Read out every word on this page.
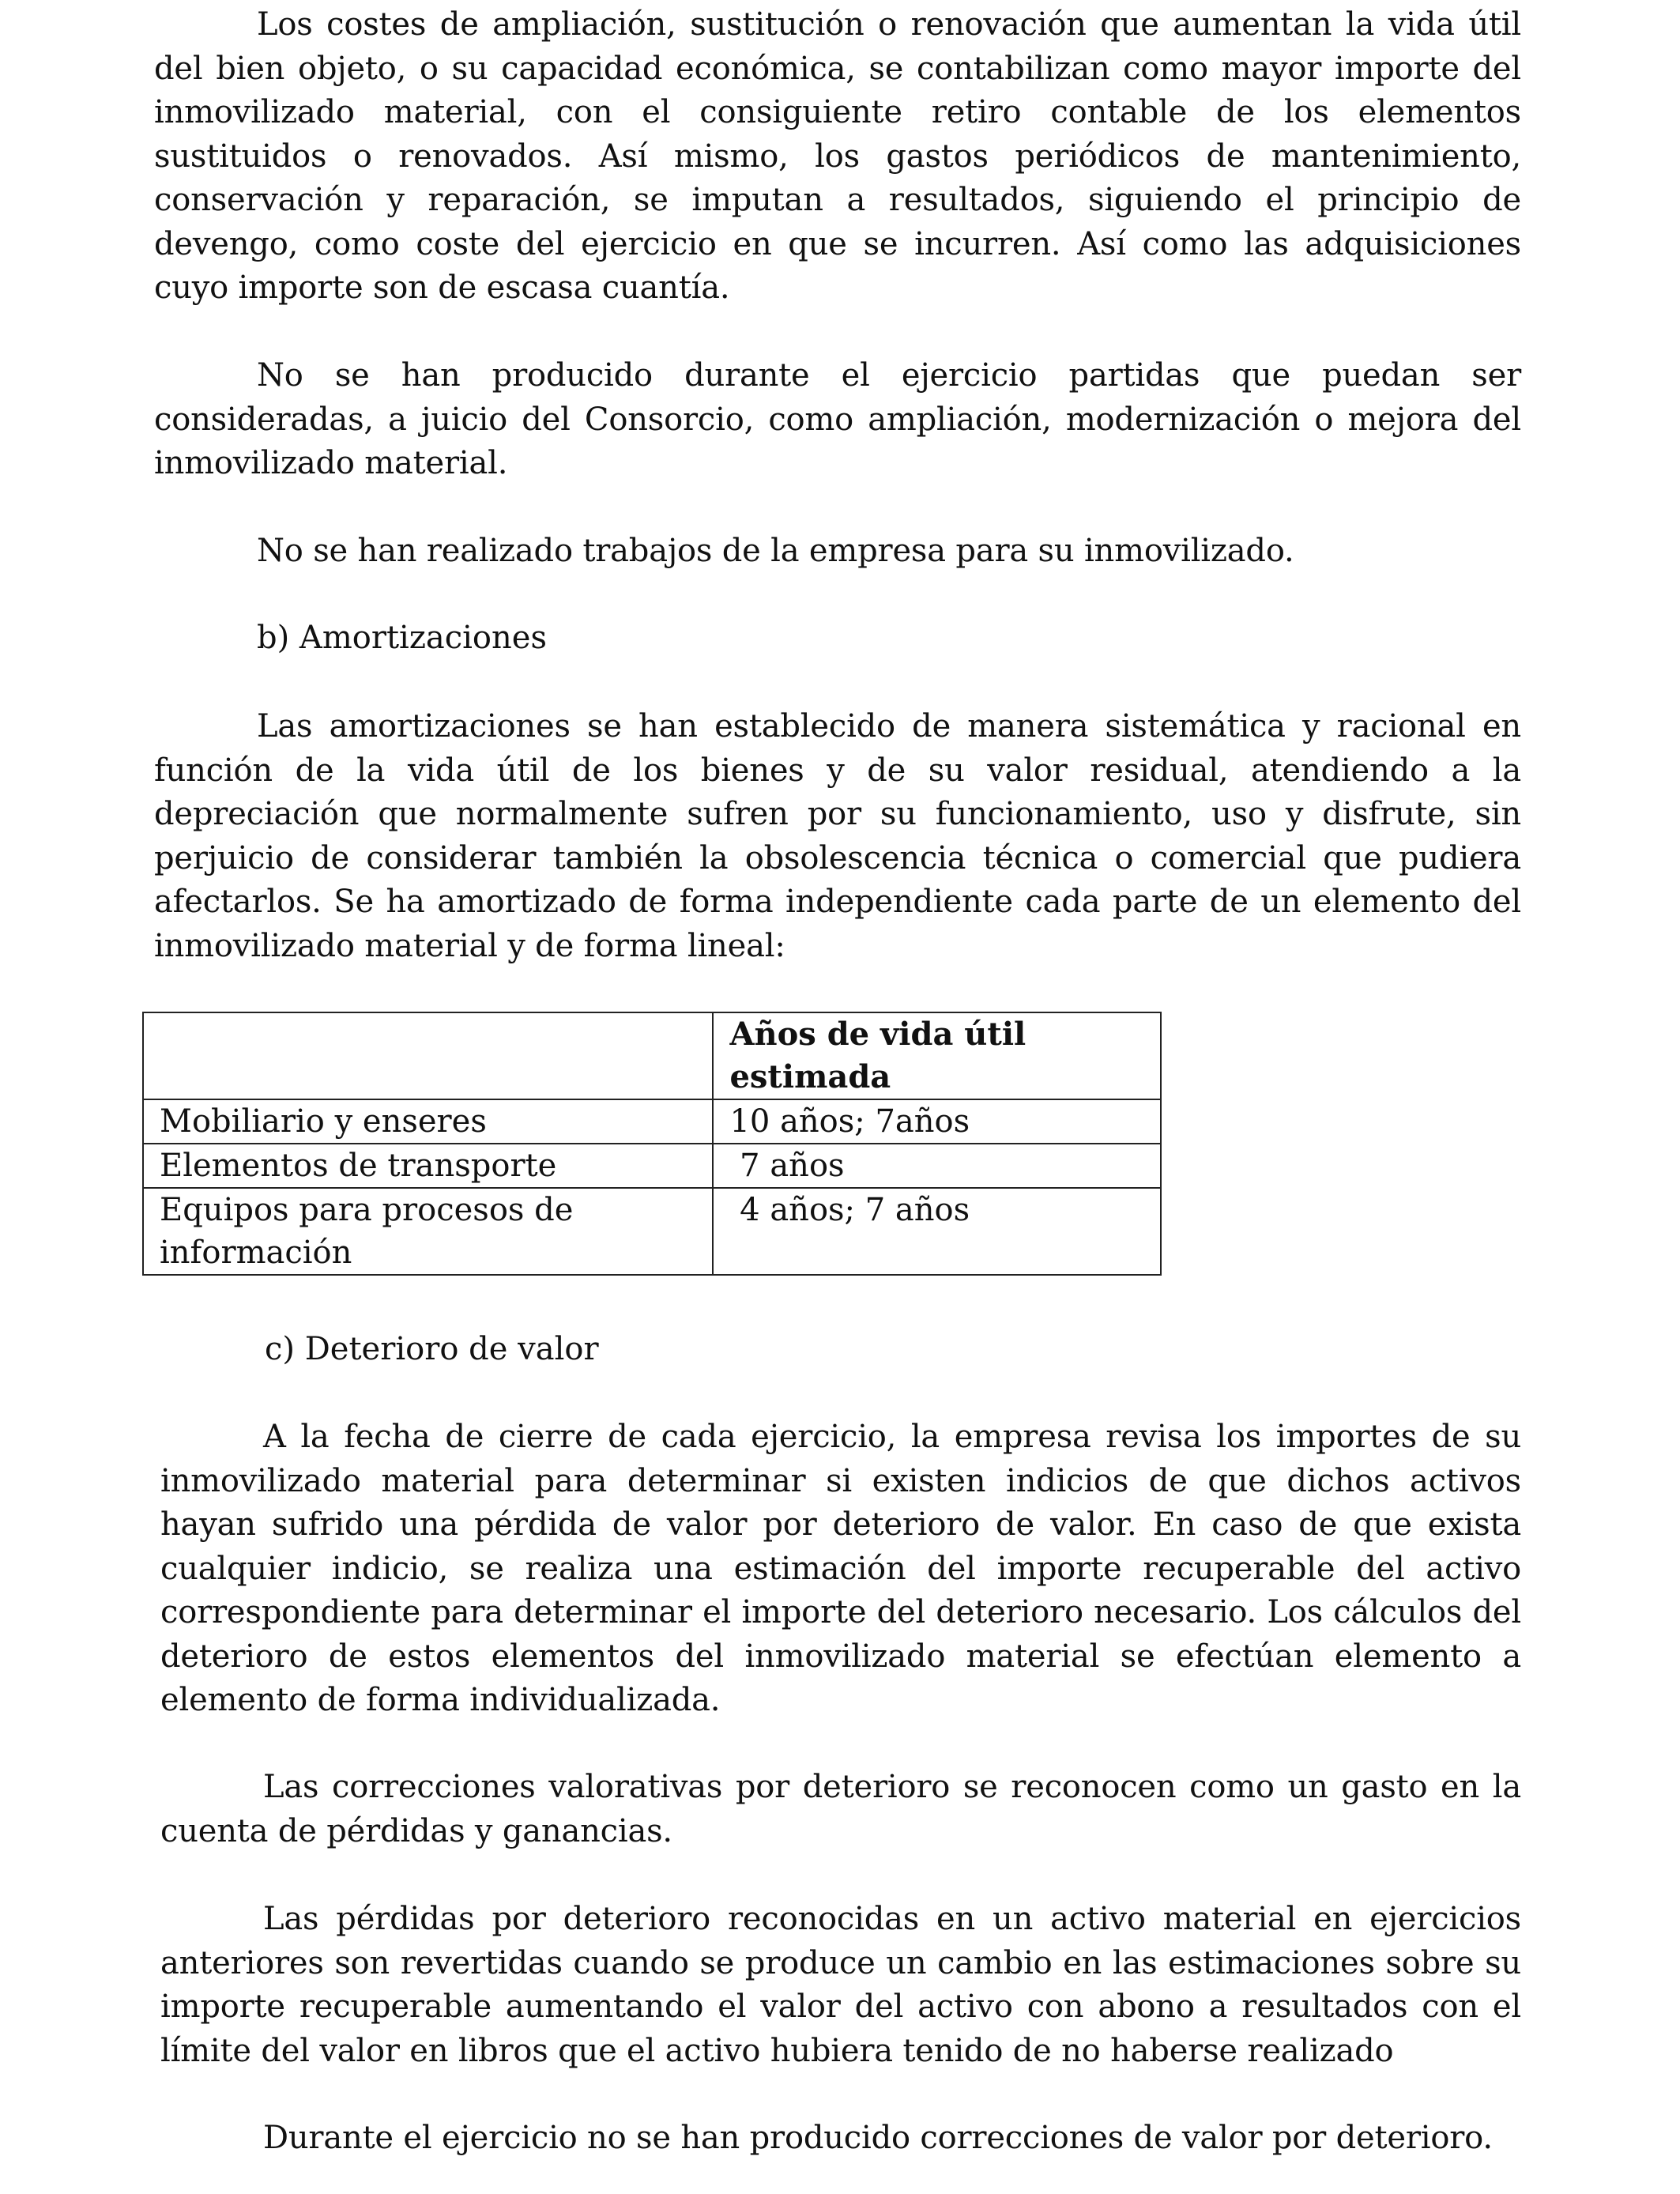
Los costes de ampliación, sustitución o renovación que aumentan la vida útil del bien objeto, o su capacidad económica, se contabilizan como mayor importe del inmovilizado material, con el consiguiente retiro contable de los elementos sustituidos o renovados. Así mismo, los gastos periódicos de mantenimiento, conservación y reparación, se imputan a resultados, siguiendo el principio de devengo, como coste del ejercicio en que se incurren. Así como las adquisiciones cuyo importe son de escasa cuantía.

No se han producido durante el ejercicio partidas que puedan ser consideradas, a juicio del Consorcio, como ampliación, modernización o mejora del inmovilizado material.

No se han realizado trabajos de la empresa para su inmovilizado.

b) Amortizaciones

Las amortizaciones se han establecido de manera sistemática y racional en función de la vida útil de los bienes y de su valor residual, atendiendo a la depreciación que normalmente sufren por su funcionamiento, uso y disfrute, sin perjuicio de considerar también la obsolescencia técnica o comercial que pudiera afectarlos. Se ha amortizado de forma independiente cada parte de un elemento del inmovilizado material y de forma lineal:

	Años de vida útil estimada
Mobiliario y enseres	10 años; 7años
Elementos de transporte	7 años
Equipos para procesos de información	4 años; 7 años

c) Deterioro de valor

A la fecha de cierre de cada ejercicio, la empresa revisa los importes de su inmovilizado material para determinar si existen indicios de que dichos activos hayan sufrido una pérdida de valor por deterioro de valor. En caso de que exista cualquier indicio, se realiza una estimación del importe recuperable del activo correspondiente para determinar el importe del deterioro necesario. Los cálculos del deterioro de estos elementos del inmovilizado material se efectúan elemento a elemento de forma individualizada.

Las correcciones valorativas por deterioro se reconocen como un gasto en la cuenta de pérdidas y ganancias.

Las pérdidas por deterioro reconocidas en un activo material en ejercicios anteriores son revertidas cuando se produce un cambio en las estimaciones sobre su importe recuperable aumentando el valor del activo con abono a resultados con el límite del valor en libros que el activo hubiera tenido de no haberse realizado

Durante el ejercicio no se han producido correcciones de valor por deterioro.
